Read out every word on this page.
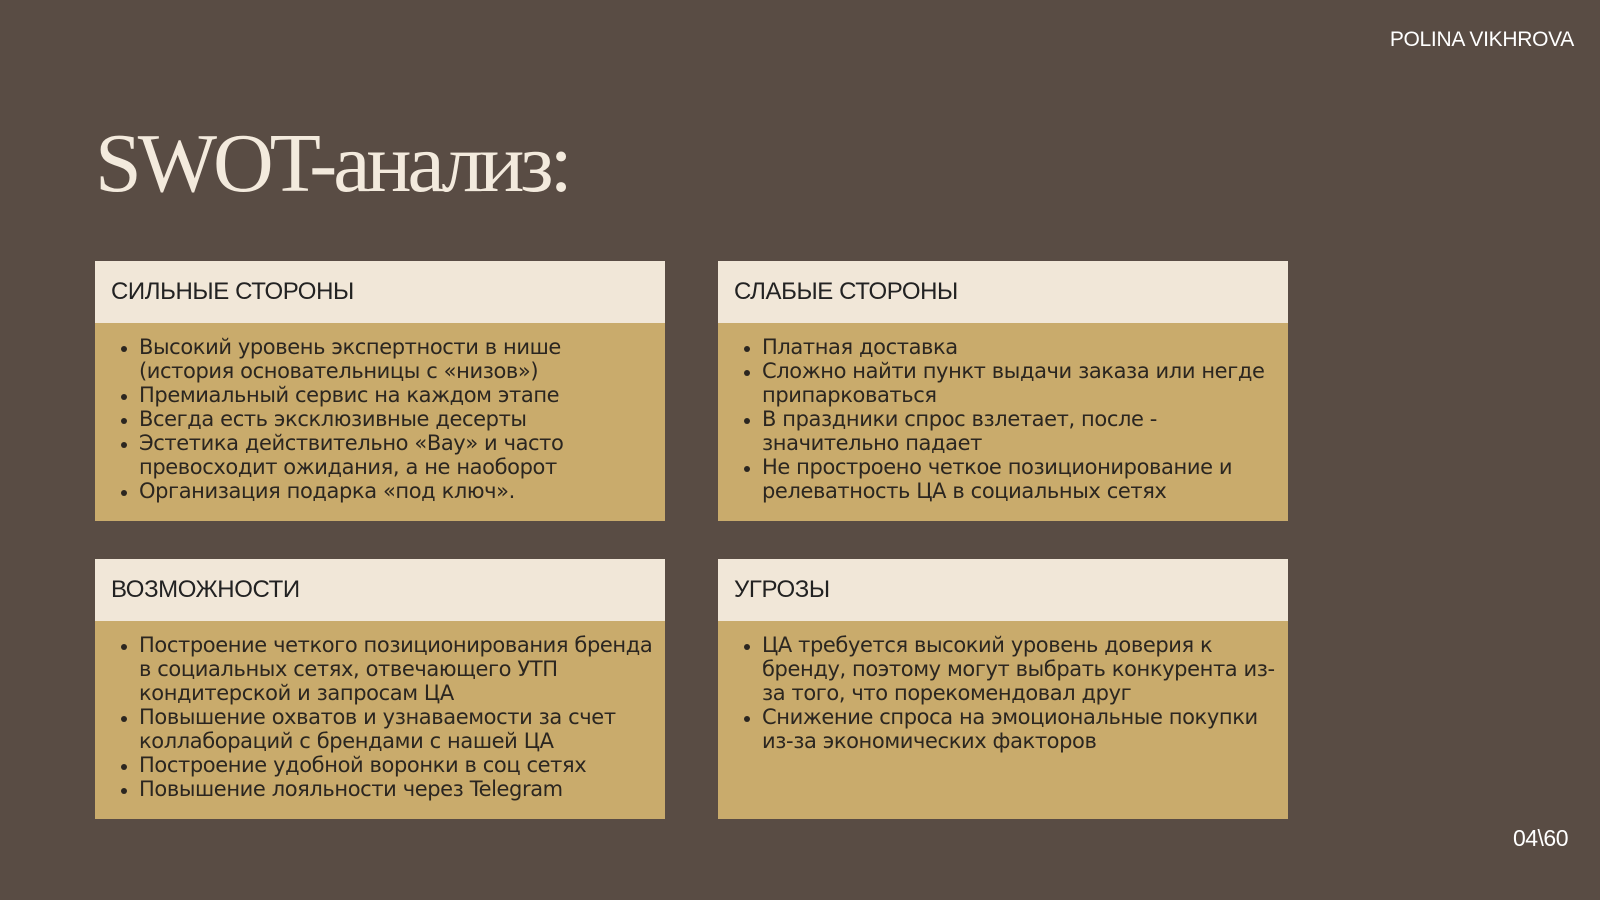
POLINA VIKHROVA
SWOT-анализ:
СИЛЬНЫЕ СТОРОНЫ
• Высокий уровень экспертности в нише (история основательницы с «низов»)
• Премиальный сервис на каждом этапе
• Всегда есть эксклюзивные десерты
• Эстетика действительно «Вау» и часто превосходит ожидания, а не наоборот
• Организация подарка «под ключ».
СЛАБЫЕ СТОРОНЫ
• Платная доставка
• Сложно найти пункт выдачи заказа или негде припарковаться
• В праздники спрос взлетает, после - значительно падает
• Не простроено четкое позиционирование и релеватность ЦА в социальных сетях
ВОЗМОЖНОСТИ
• Построение четкого позиционирования бренда в социальных сетях, отвечающего УТП кондитерской и запросам ЦА
• Повышение охватов и узнаваемости за счет коллабораций с брендами с нашей ЦА
• Построение удобной воронки в соц сетях
• Повышение лояльности через Telegram
УГРОЗЫ
• ЦА требуется высокий уровень доверия к бренду, поэтому могут выбрать конкурента из-за того, что порекомендовал друг
• Снижение спроса на эмоциональные покупки из-за экономических факторов
04\60
